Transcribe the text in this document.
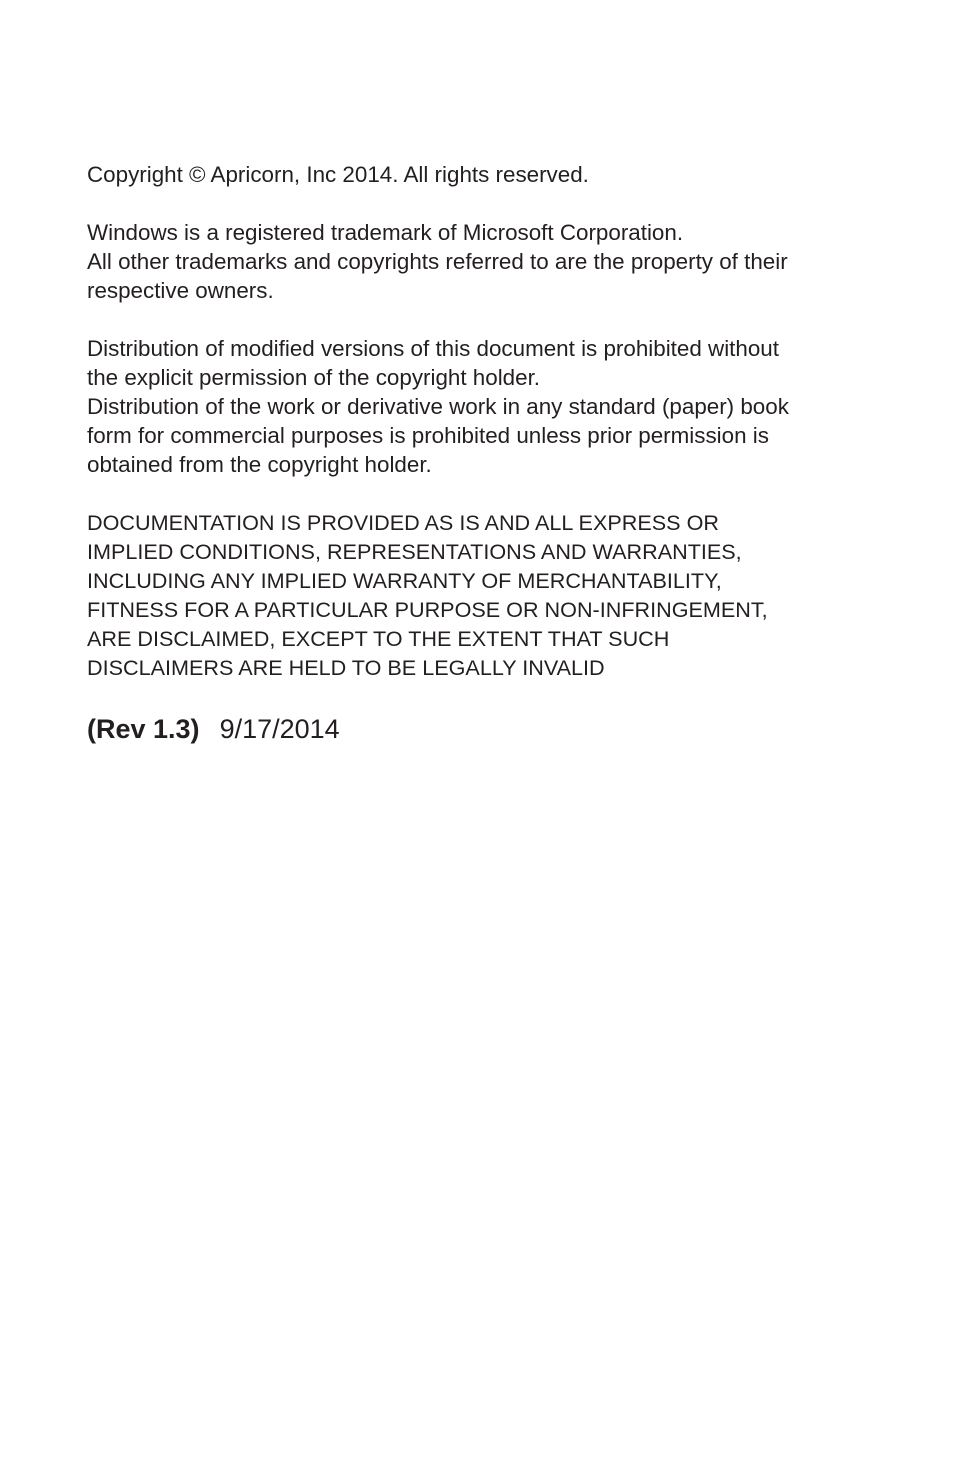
Copyright © Apricorn, Inc 2014. All rights reserved.
Windows is a registered trademark of Microsoft Corporation.
All other trademarks and copyrights referred to are the property of their
respective owners.
Distribution of modified versions of this document is prohibited without
the explicit permission of the copyright holder.
Distribution of the work or derivative work in any standard (paper) book
form for commercial purposes is prohibited unless prior permission is
obtained from the copyright holder.
DOCUMENTATION IS PROVIDED AS IS AND ALL EXPRESS OR
IMPLIED CONDITIONS, REPRESENTATIONS AND WARRANTIES,
INCLUDING ANY IMPLIED WARRANTY OF MERCHANTABILITY,
FITNESS FOR A PARTICULAR PURPOSE OR NON-INFRINGEMENT,
ARE DISCLAIMED, EXCEPT TO THE EXTENT THAT SUCH
DISCLAIMERS ARE HELD TO BE LEGALLY INVALID
(Rev 1.3) 9/17/2014
